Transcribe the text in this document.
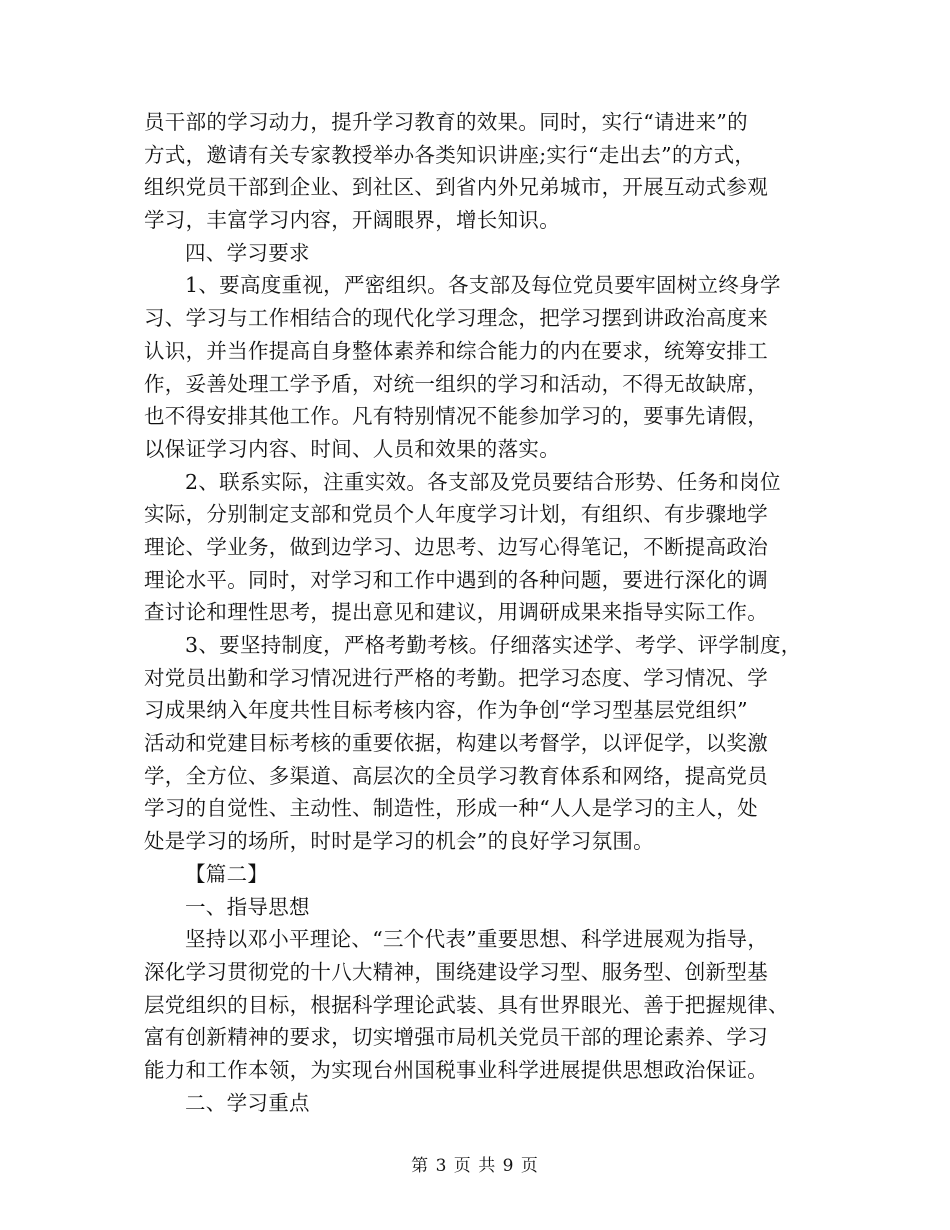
员干部的学习动力，提升学习教育的效果。同时，实行“请进来”的
方式，邀请有关专家教授举办各类知识讲座;实行“走出去”的方式，
组织党员干部到企业、到社区、到省内外兄弟城市，开展互动式参观
学习，丰富学习内容，开阔眼界，增长知识。
四、学习要求
1、要高度重视，严密组织。各支部及每位党员要牢固树立终身学
习、学习与工作相结合的现代化学习理念，把学习摆到讲政治高度来
认识，并当作提高自身整体素养和综合能力的内在要求，统筹安排工
作，妥善处理工学予盾，对统一组织的学习和活动，不得无故缺席，
也不得安排其他工作。凡有特别情况不能参加学习的，要事先请假，
以保证学习内容、时间、人员和效果的落实。
2、联系实际，注重实效。各支部及党员要结合形势、任务和岗位
实际，分别制定支部和党员个人年度学习计划，有组织、有步骤地学
理论、学业务，做到边学习、边思考、边写心得笔记，不断提高政治
理论水平。同时，对学习和工作中遇到的各种问题，要进行深化的调
查讨论和理性思考，提出意见和建议，用调研成果来指导实际工作。
3、要坚持制度，严格考勤考核。仔细落实述学、考学、评学制度，
对党员出勤和学习情况进行严格的考勤。把学习态度、学习情况、学
习成果纳入年度共性目标考核内容，作为争创“学习型基层党组织”
活动和党建目标考核的重要依据，构建以考督学，以评促学，以奖激
学，全方位、多渠道、高层次的全员学习教育体系和网络，提高党员
学习的自觉性、主动性、制造性，形成一种“人人是学习的主人，处
处是学习的场所，时时是学习的机会”的良好学习氛围。
【篇二】
一、指导思想
坚持以邓小平理论、“三个代表”重要思想、科学进展观为指导，
深化学习贯彻党的十八大精神，围绕建设学习型、服务型、创新型基
层党组织的目标，根据科学理论武装、具有世界眼光、善于把握规律、
富有创新精神的要求，切实增强市局机关党员干部的理论素养、学习
能力和工作本领，为实现台州国税事业科学进展提供思想政治保证。
二、学习重点
第 3 页 共 9 页
